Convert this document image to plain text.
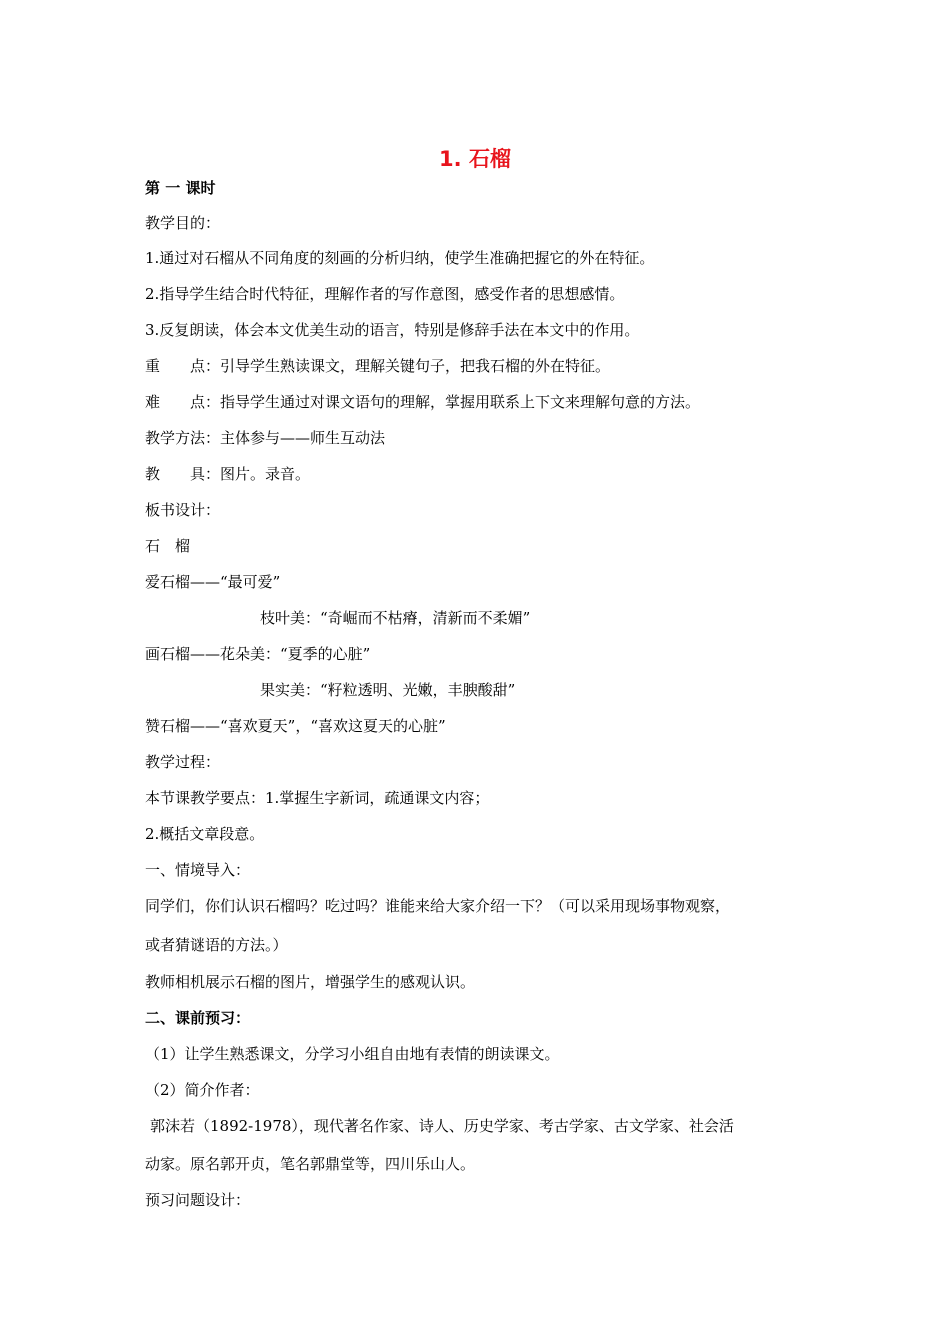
1. 石榴
第 一 课时
教学目的：
1.通过对石榴从不同角度的刻画的分析归纳，使学生准确把握它的外在特征。
2.指导学生结合时代特征，理解作者的写作意图，感受作者的思想感情。
3.反复朗读，体会本文优美生动的语言，特别是修辞手法在本文中的作用。
重　　点：引导学生熟读课文，理解关键句子，把我石榴的外在特征。
难　　点：指导学生通过对课文语句的理解，掌握用联系上下文来理解句意的方法。
教学方法：主体参与——师生互动法
教　　具：图片。录音。
板书设计：
石　榴
爱石榴——“最可爱”
枝叶美：“奇崛而不枯瘠，清新而不柔媚”
画石榴——花朵美：“夏季的心脏”
果实美：“籽粒透明、光嫩，丰腴酸甜”
赞石榴——“喜欢夏天”，“喜欢这夏天的心脏”
教学过程：
本节课教学要点：1.掌握生字新词，疏通课文内容；
2.概括文章段意。
一、情境导入：
同学们，你们认识石榴吗？吃过吗？谁能来给大家介绍一下？（可以采用现场事物观察，
或者猜谜语的方法。）
教师相机展示石榴的图片，增强学生的感观认识。
二、课前预习：
（1）让学生熟悉课文，分学习小组自由地有表情的朗读课文。
（2）简介作者：
郭沫若（1892-1978），现代著名作家、诗人、历史学家、考古学家、古文学家、社会活
动家。原名郭开贞，笔名郭鼎堂等，四川乐山人。
预习问题设计：
